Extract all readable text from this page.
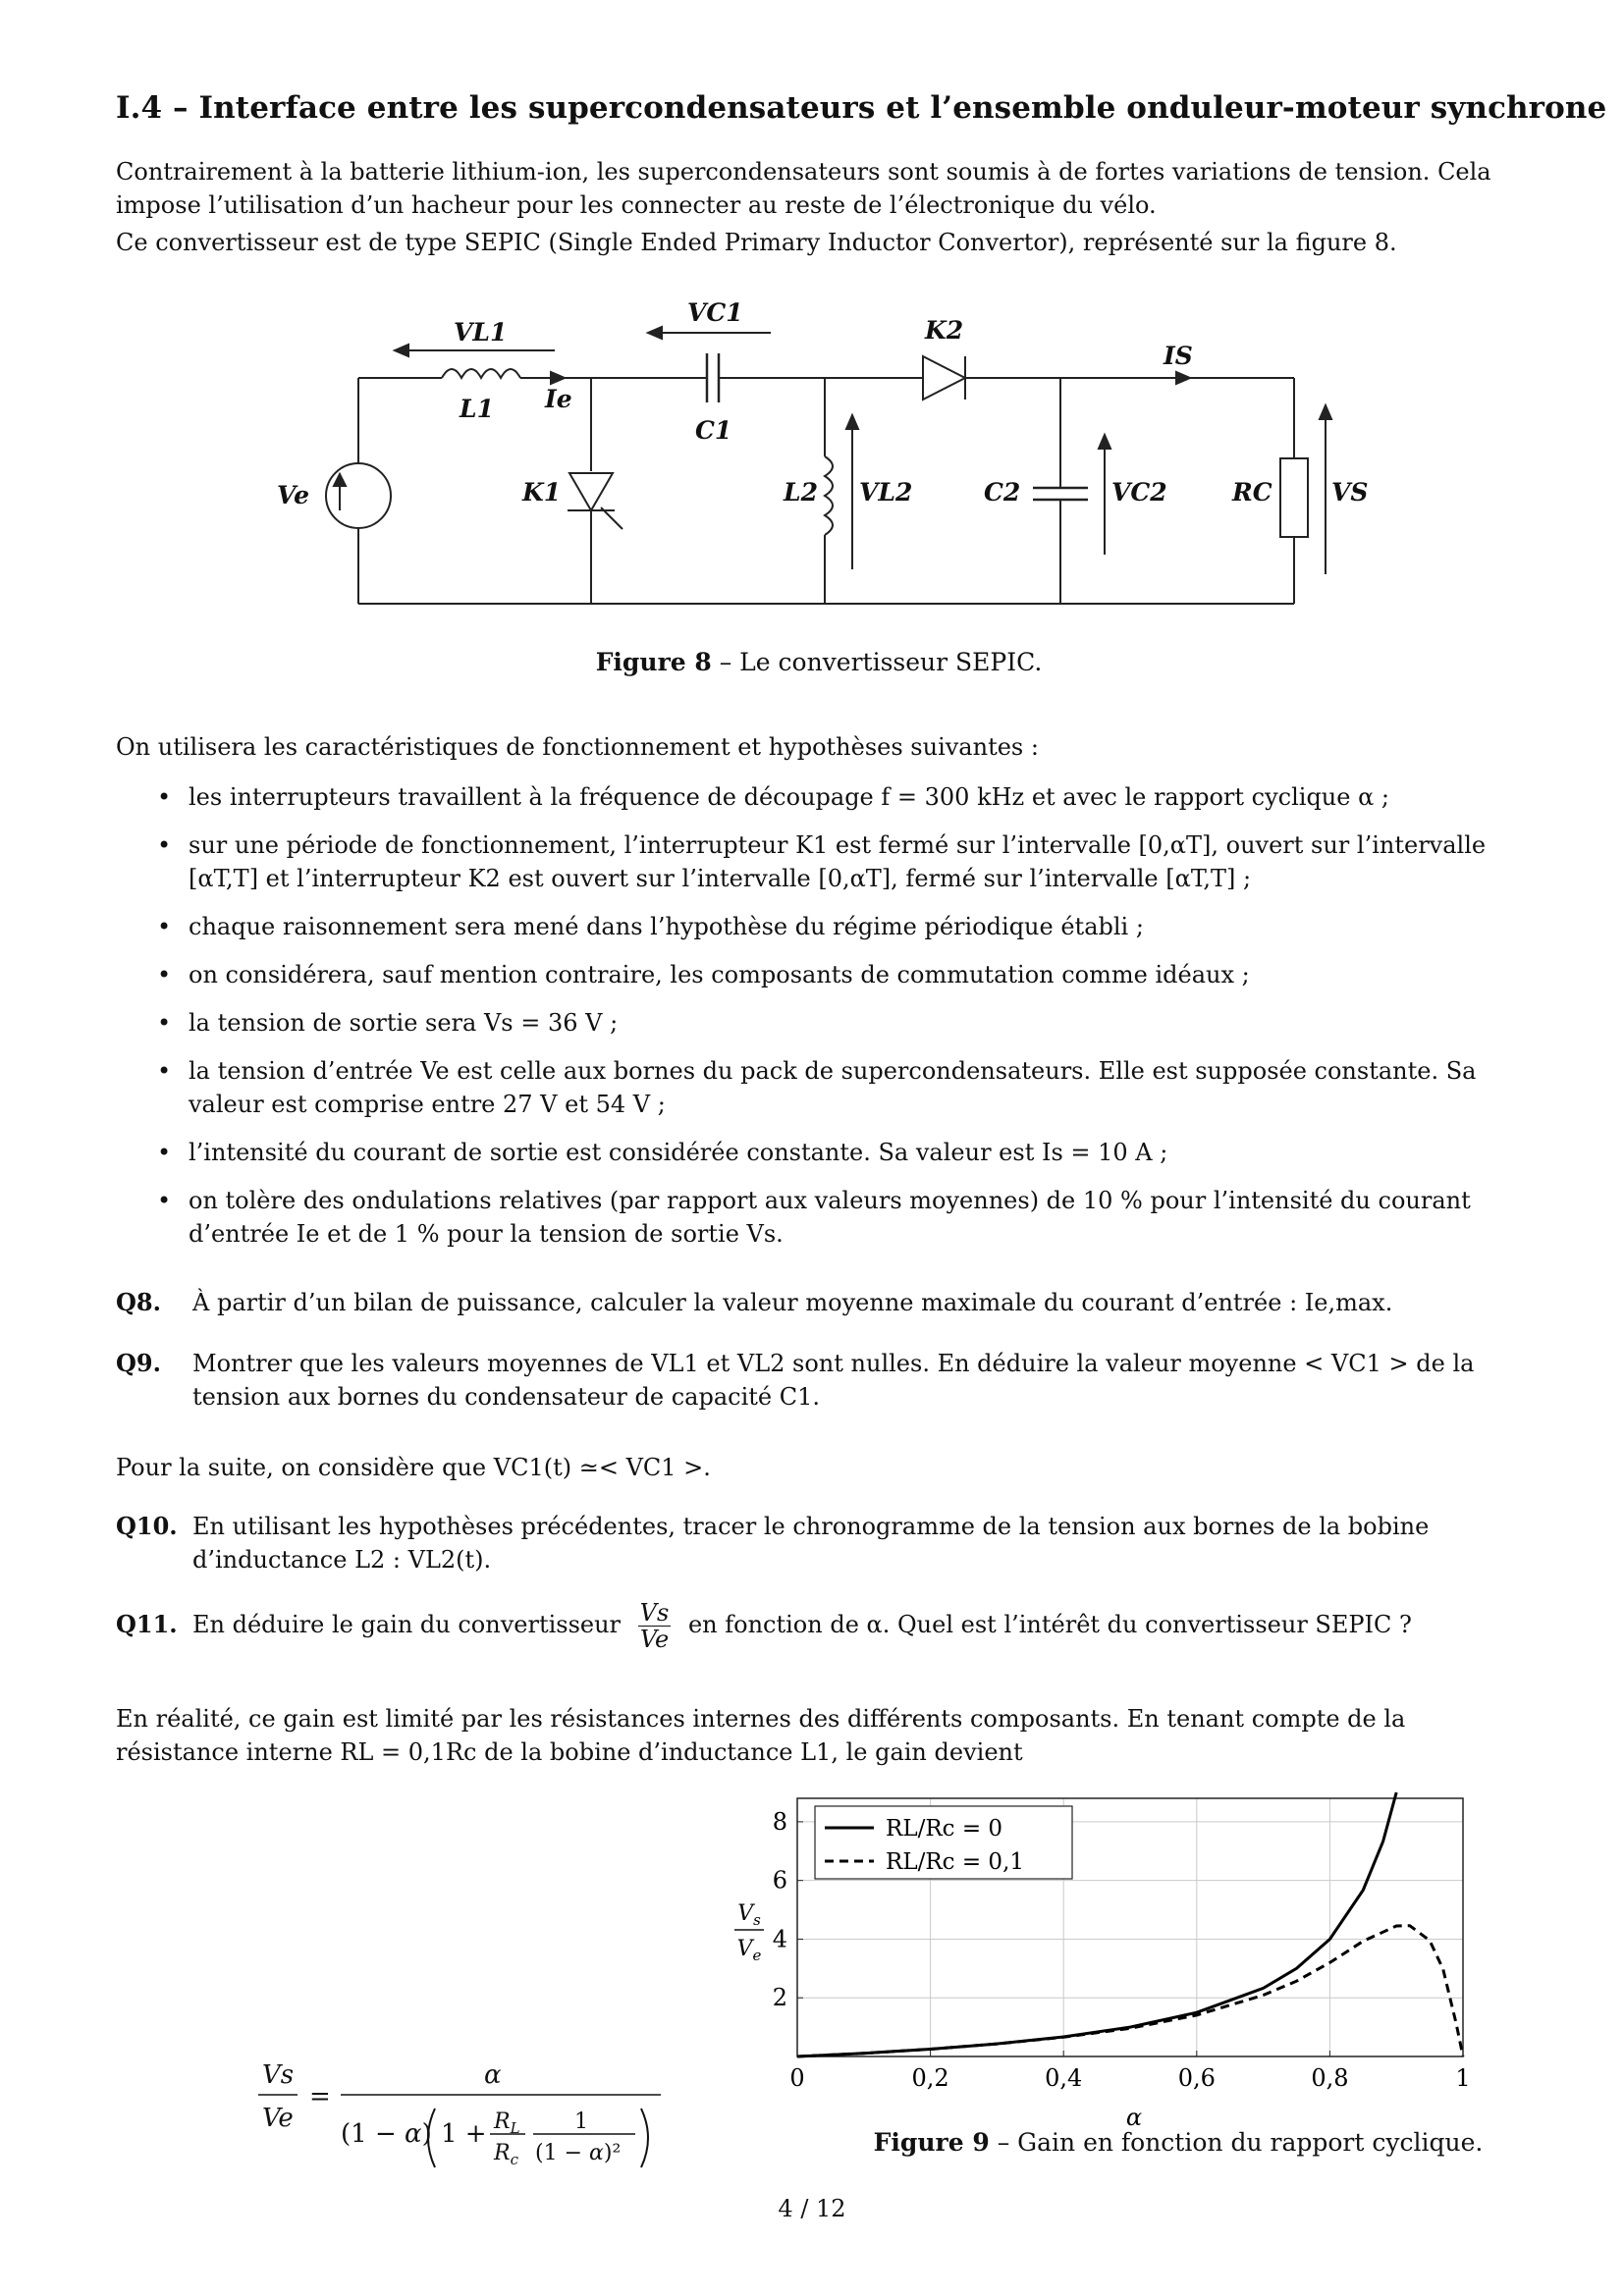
I.4 – Interface entre les supercondensateurs et l’ensemble onduleur-moteur synchrone

Contrairement à la batterie lithium-ion, les supercondensateurs sont soumis à de fortes variations de tension. Cela impose l’utilisation d’un hacheur pour les connecter au reste de l’électronique du vélo.

Ce convertisseur est de type SEPIC (Single Ended Primary Inductor Convertor), représenté sur la figure 8.

VL1
L1 Ie
VC1
C1
K2
IS
Ve	K1	L2 VL2	C2	VC2	RC VS
Figure 8 – Le convertisseur SEPIC.
On utilisera les caractéristiques de fonctionnement et hypothèses suivantes :
• les interrupteurs travaillent à la fréquence de découpage f = 300 kHz et avec le rapport cyclique α ;
• sur une période de fonctionnement, l’interrupteur K1 est fermé sur l’intervalle [0,αT], ouvert sur l’intervalle [αT,T] et l’interrupteur K2 est ouvert sur l’intervalle [0,αT], fermé sur l’intervalle [αT,T] ;
• chaque raisonnement sera mené dans l’hypothèse du régime périodique établi ;
• on considérera, sauf mention contraire, les composants de commutation comme idéaux ;
• la tension de sortie sera Vs = 36 V ;
• la tension d’entrée Ve est celle aux bornes du pack de supercondensateurs. Elle est supposée constante. Sa valeur est comprise entre 27 V et 54 V ;
• l’intensité du courant de sortie est considérée constante. Sa valeur est Is = 10 A ;
• on tolère des ondulations relatives (par rapport aux valeurs moyennes) de 10 % pour l’intensité du courant d’entrée Ie et de 1 % pour la tension de sortie Vs.
Q8. À partir d’un bilan de puissance, calculer la valeur moyenne maximale du courant d’entrée : Ie,max.
Q9.	Montrer que les valeurs moyennes de VL1 et VL2 sont nulles. En déduire la valeur moyenne < VC1 > de la tension aux bornes du condensateur de capacité C1.
Pour la suite, on considère que VC1(t) ≃< VC1 >.
Q10. En utilisant les hypothèses précédentes, tracer le chronogramme de la tension aux bornes de la bobine d’inductance L2 : VL2(t).
Q11. En déduire le gain du convertisseur $\frac{Vs}{Ve}$ en fonction de α. Quel est l’intérêt du convertisseur SEPIC ?
En réalité, ce gain est limité par les résistances internes des différents composants. En tenant compte de la résistance interne RL = 0,1Rc de la bobine d’inductance L1, le gain devient
Vs
Ve
=
α
(1 − α) $1 + R_L$
$R_c$
1
(1 − α)²
0	0,2	0,4	0,6	0,8	1
2
4
6
8	RL/Rc = 0
RL/Rc = 0,1
α
$V_s$
$V_e$
Figure 9 – Gain en fonction du rapport cyclique.
4 / 12
